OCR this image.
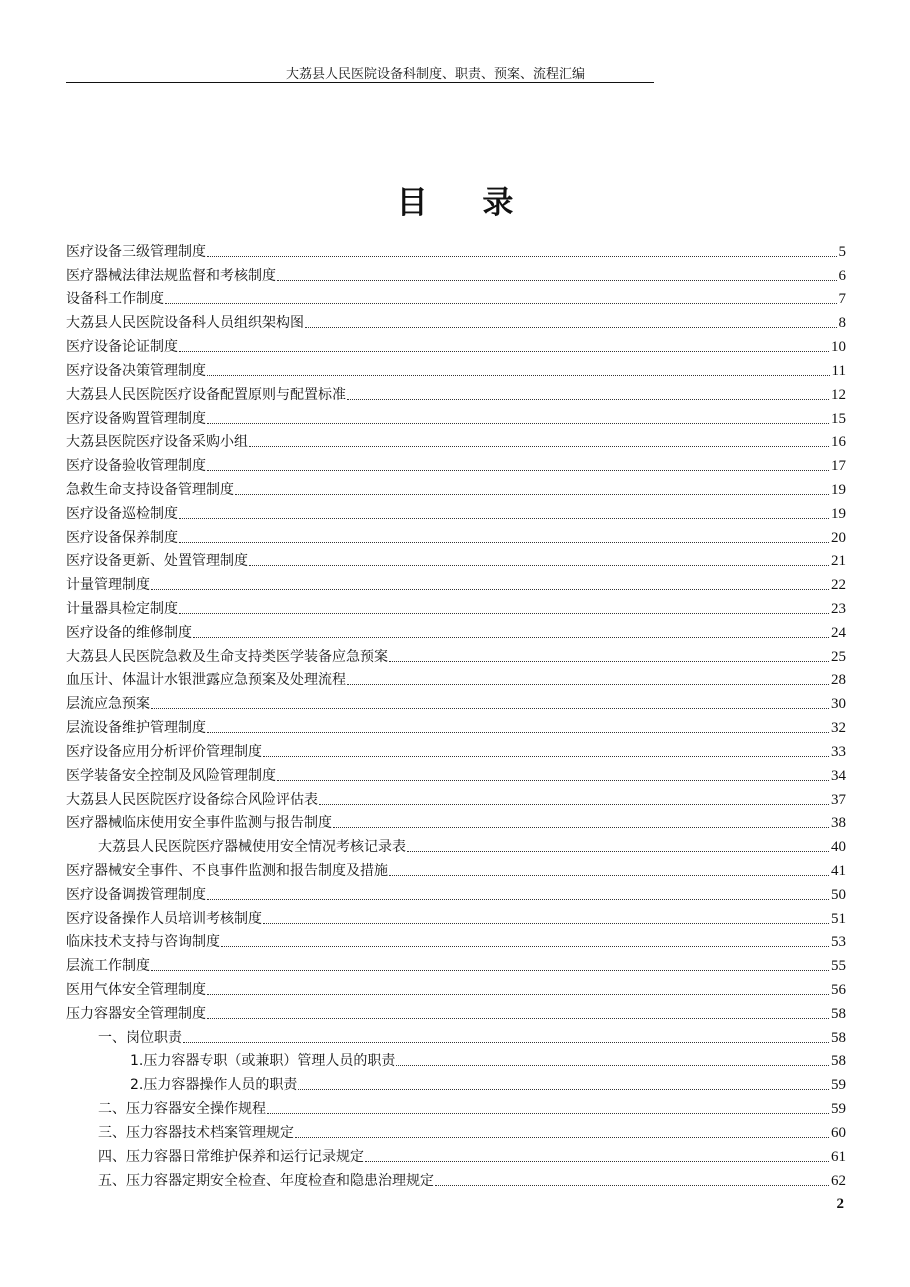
大荔县人民医院设备科制度、职责、预案、流程汇编
目 录
医疗设备三级管理制度	5
医疗器械法律法规监督和考核制度	6
设备科工作制度	7
大荔县人民医院设备科人员组织架构图	8
医疗设备论证制度	10
医疗设备决策管理制度	11
大荔县人民医院医疗设备配置原则与配置标准	12
医疗设备购置管理制度	15
大荔县医院医疗设备采购小组	16
医疗设备验收管理制度	17
急救生命支持设备管理制度	19
医疗设备巡检制度	19
医疗设备保养制度	20
医疗设备更新、处置管理制度	21
计量管理制度	22
计量器具检定制度	23
医疗设备的维修制度	24
大荔县人民医院急救及生命支持类医学装备应急预案	25
血压计、体温计水银泄露应急预案及处理流程	28
层流应急预案	30
层流设备维护管理制度	32
医疗设备应用分析评价管理制度	33
医学装备安全控制及风险管理制度	34
大荔县人民医院医疗设备综合风险评估表	37
医疗器械临床使用安全事件监测与报告制度	38
大荔县人民医院医疗器械使用安全情况考核记录表	40
医疗器械安全事件、不良事件监测和报告制度及措施	41
医疗设备调拨管理制度	50
医疗设备操作人员培训考核制度	51
临床技术支持与咨询制度	53
层流工作制度	55
医用气体安全管理制度	56
压力容器安全管理制度	58
一、岗位职责	58
1.压力容器专职（或兼职）管理人员的职责	58
2.压力容器操作人员的职责	59
二、压力容器安全操作规程	59
三、压力容器技术档案管理规定	60
四、压力容器日常维护保养和运行记录规定	61
五、压力容器定期安全检查、年度检查和隐患治理规定	62
2
